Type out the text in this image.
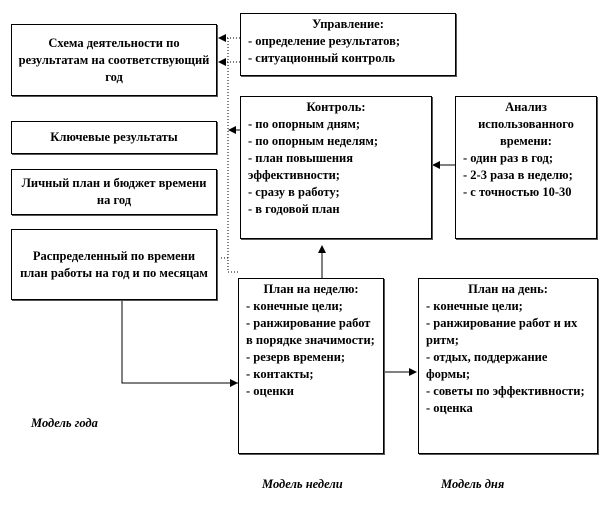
Схема деятельности по результатам на соответствующий год
Ключевые результаты
Личный план и бюджет времени на год
Распределенный по времени план работы на год и по месяцам
Управление:
- определение результатов;
- ситуационный контроль
Контроль:
- по опорным дням;
- по опорным неделям;
- план повышения эффективности;
- сразу в работу;
- в годовой план
Анализ использованного времени:
- один раз в год;
- 2-3 раза в неделю;
- с точностью 10-30
План на неделю:
- конечные цели;
- ранжирование работ в порядке значимости;
- резерв времени;
- контакты;
- оценки
План на день:
- конечные цели;
- ранжирование работ и их ритм;
- отдых, поддержание формы;
- советы по эффективности;
- оценка
Модель года
Модель недели	Модель дня
